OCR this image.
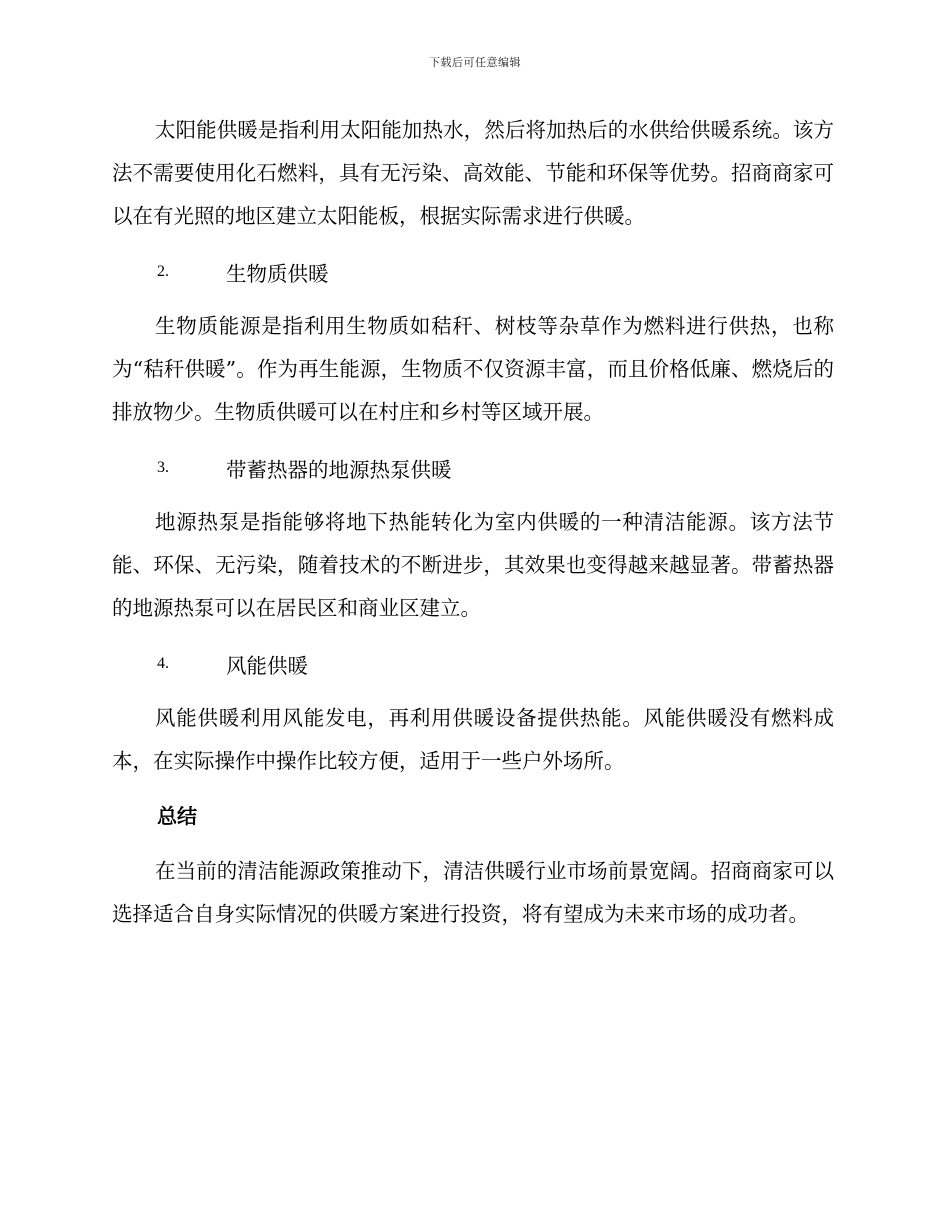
下载后可任意编辑

太阳能供暖是指利用太阳能加热水，然后将加热后的水供给供暖系统。该方法不需要使用化石燃料，具有无污染、高效能、节能和环保等优势。招商商家可以在有光照的地区建立太阳能板，根据实际需求进行供暖。

2.	生物质供暖

生物质能源是指利用生物质如秸秆、树枝等杂草作为燃料进行供热，也称为“秸秆供暖”。作为再生能源，生物质不仅资源丰富，而且价格低廉、燃烧后的排放物少。生物质供暖可以在村庄和乡村等区域开展。

3.	带蓄热器的地源热泵供暖

地源热泵是指能够将地下热能转化为室内供暖的一种清洁能源。该方法节能、环保、无污染，随着技术的不断进步，其效果也变得越来越显著。带蓄热器的地源热泵可以在居民区和商业区建立。

4.	风能供暖

风能供暖利用风能发电，再利用供暖设备提供热能。风能供暖没有燃料成本，在实际操作中操作比较方便，适用于一些户外场所。

总结

在当前的清洁能源政策推动下，清洁供暖行业市场前景宽阔。招商商家可以选择适合自身实际情况的供暖方案进行投资，将有望成为未来市场的成功者。
